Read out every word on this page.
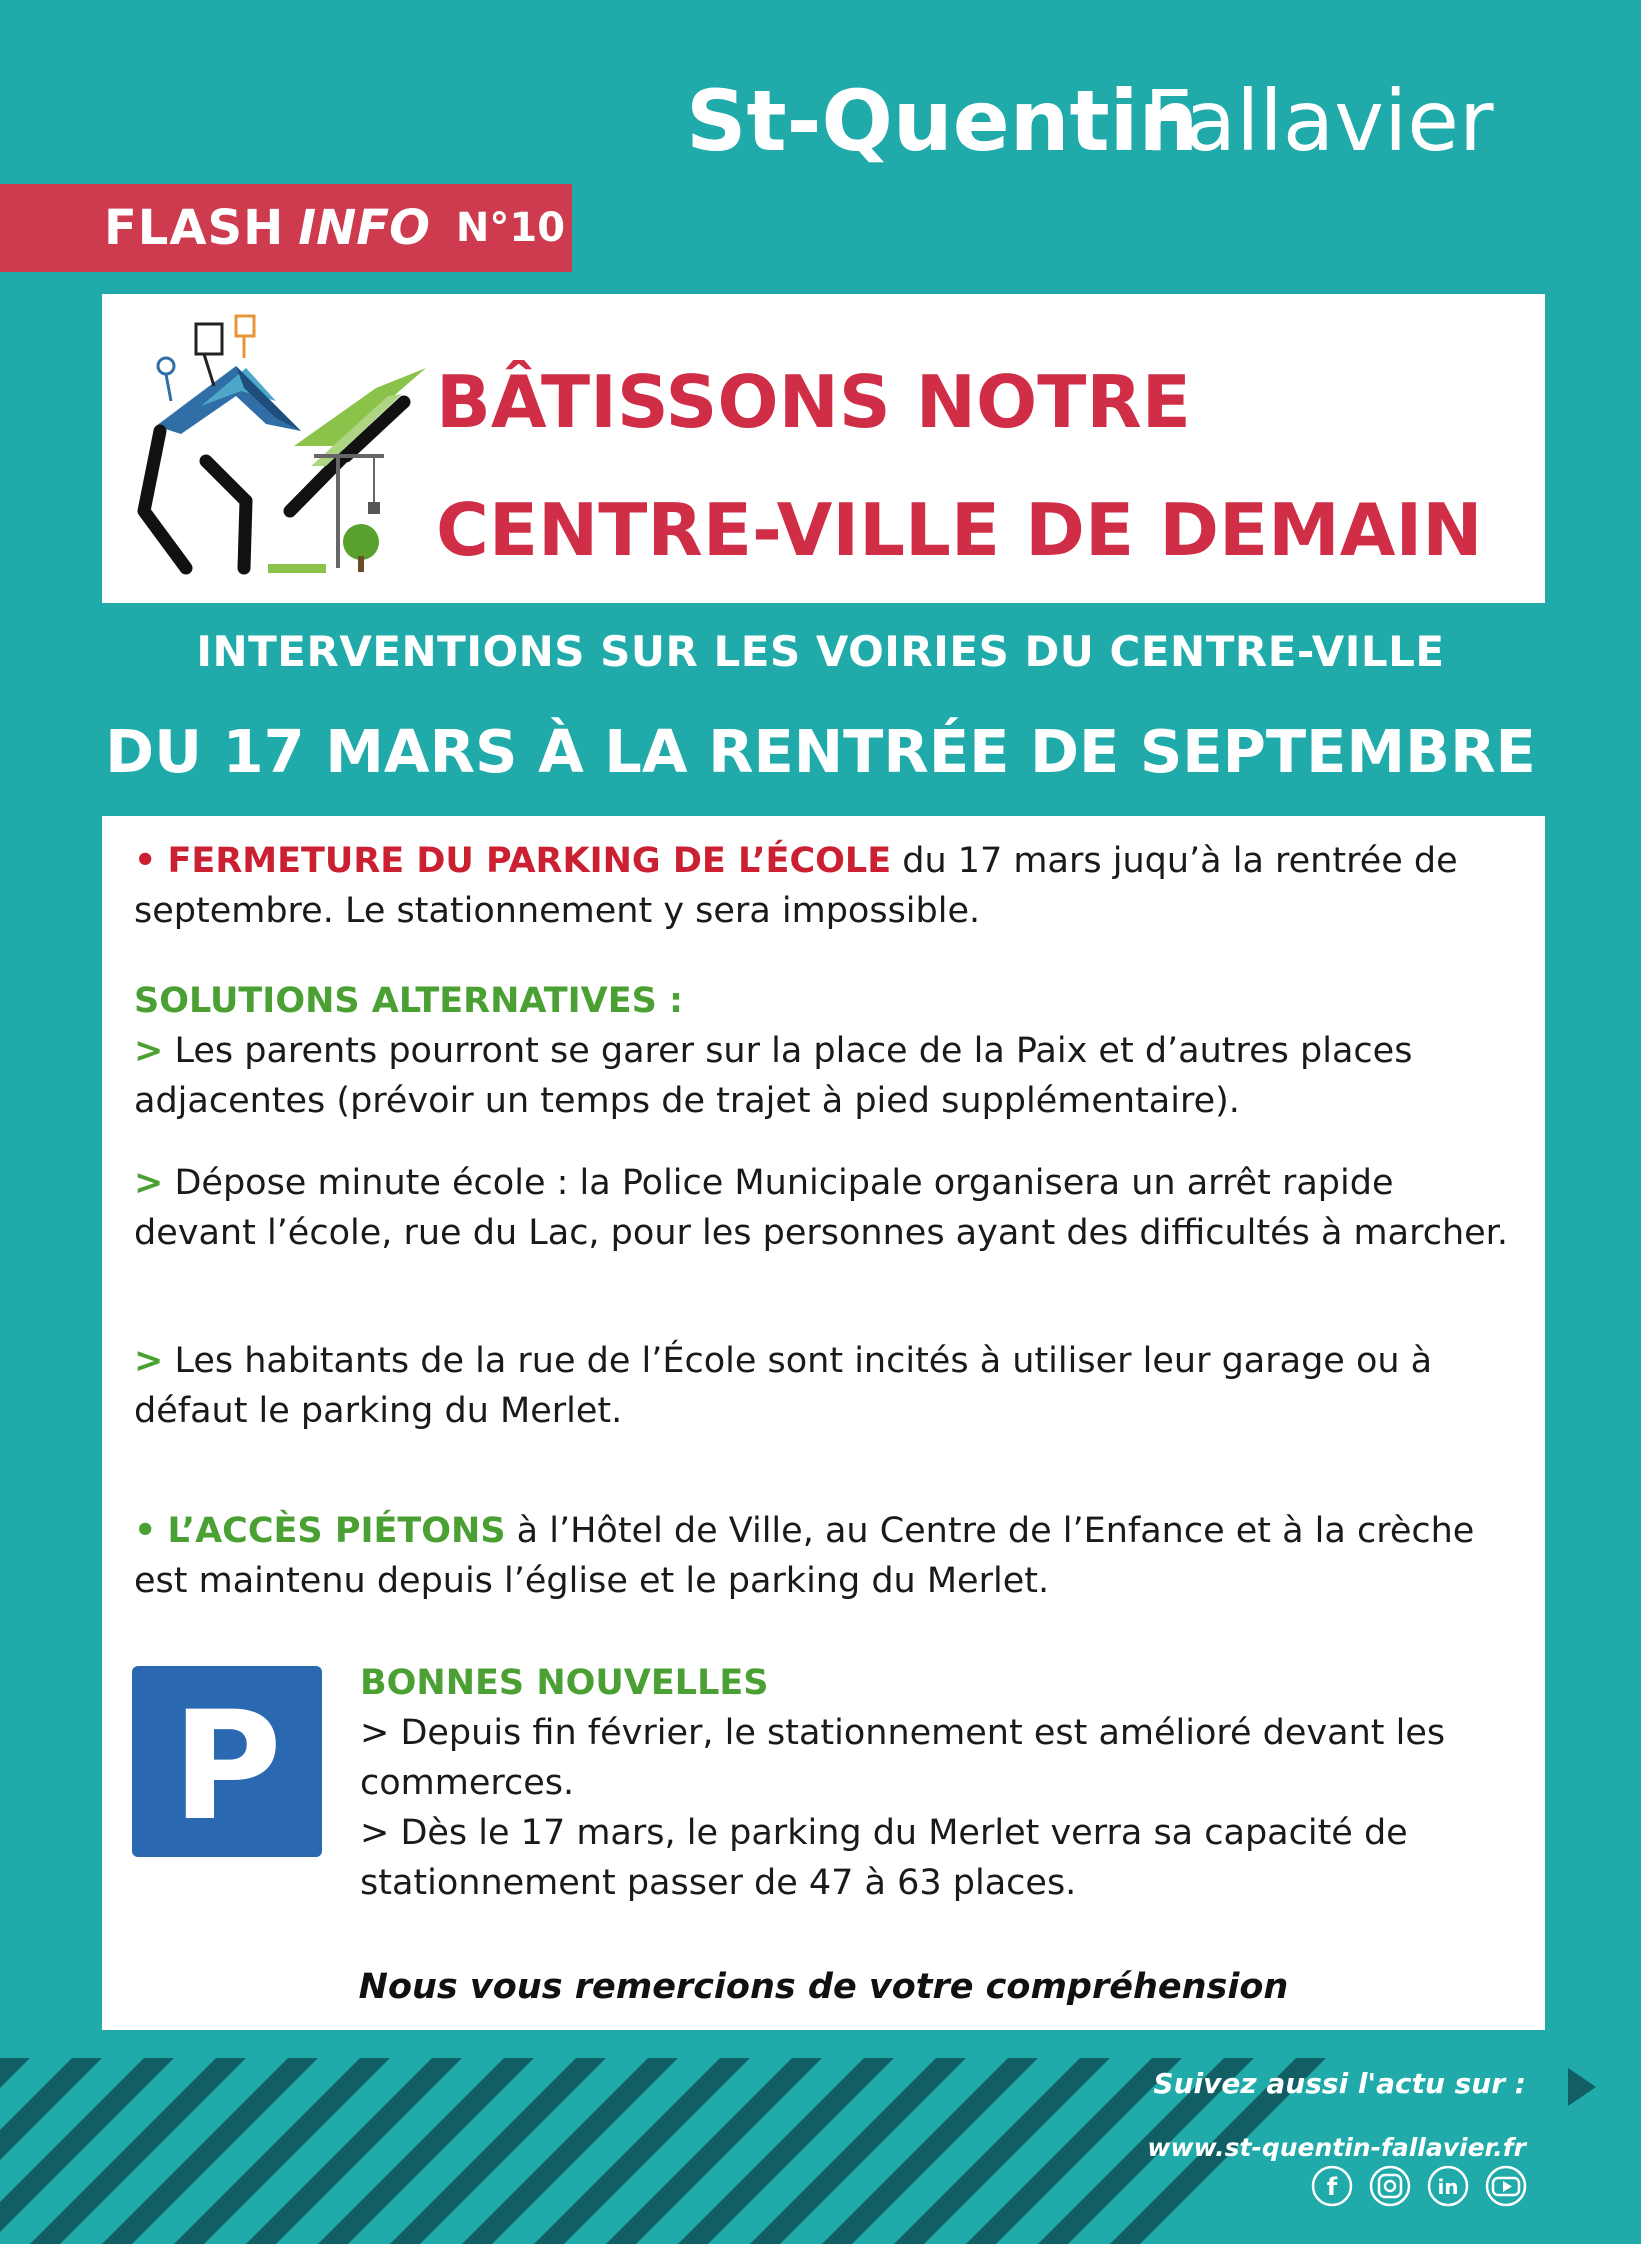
St-Quentin
Fallavier
FLASH INFO N°10
BÂTISSONS NOTRE
CENTRE-VILLE DE DEMAIN
INTERVENTIONS SUR LES VOIRIES DU CENTRE-VILLE
DU 17 MARS À LA RENTRÉE DE SEPTEMBRE
• FERMETURE DU PARKING DE L’ÉCOLE du 17 mars juqu’à la rentrée de septembre. Le stationnement y sera impossible.
SOLUTIONS ALTERNATIVES :
> Les parents pourront se garer sur la place de la Paix et d’autres places adjacentes (prévoir un temps de trajet à pied supplémentaire).
> Dépose minute école : la Police Municipale organisera un arrêt rapide devant l’école, rue du Lac, pour les personnes ayant des difficultés à marcher.
> Les habitants de la rue de l’École sont incités à utiliser leur garage ou à défaut le parking du Merlet.
• L’ACCÈS PIÉTONS à l’Hôtel de Ville, au Centre de l’Enfance et à la crèche est maintenu depuis l’église et le parking du Merlet.
P BONNES NOUVELLES
> Depuis fin février, le stationnement est amélioré devant les commerces.
> Dès le 17 mars, le parking du Merlet verra sa capacité de stationnement passer de 47 à 63 places.
Nous vous remercions de votre compréhension
Suivez aussi l'actu sur :
www.st-quentin-fallavier.fr
f	in
